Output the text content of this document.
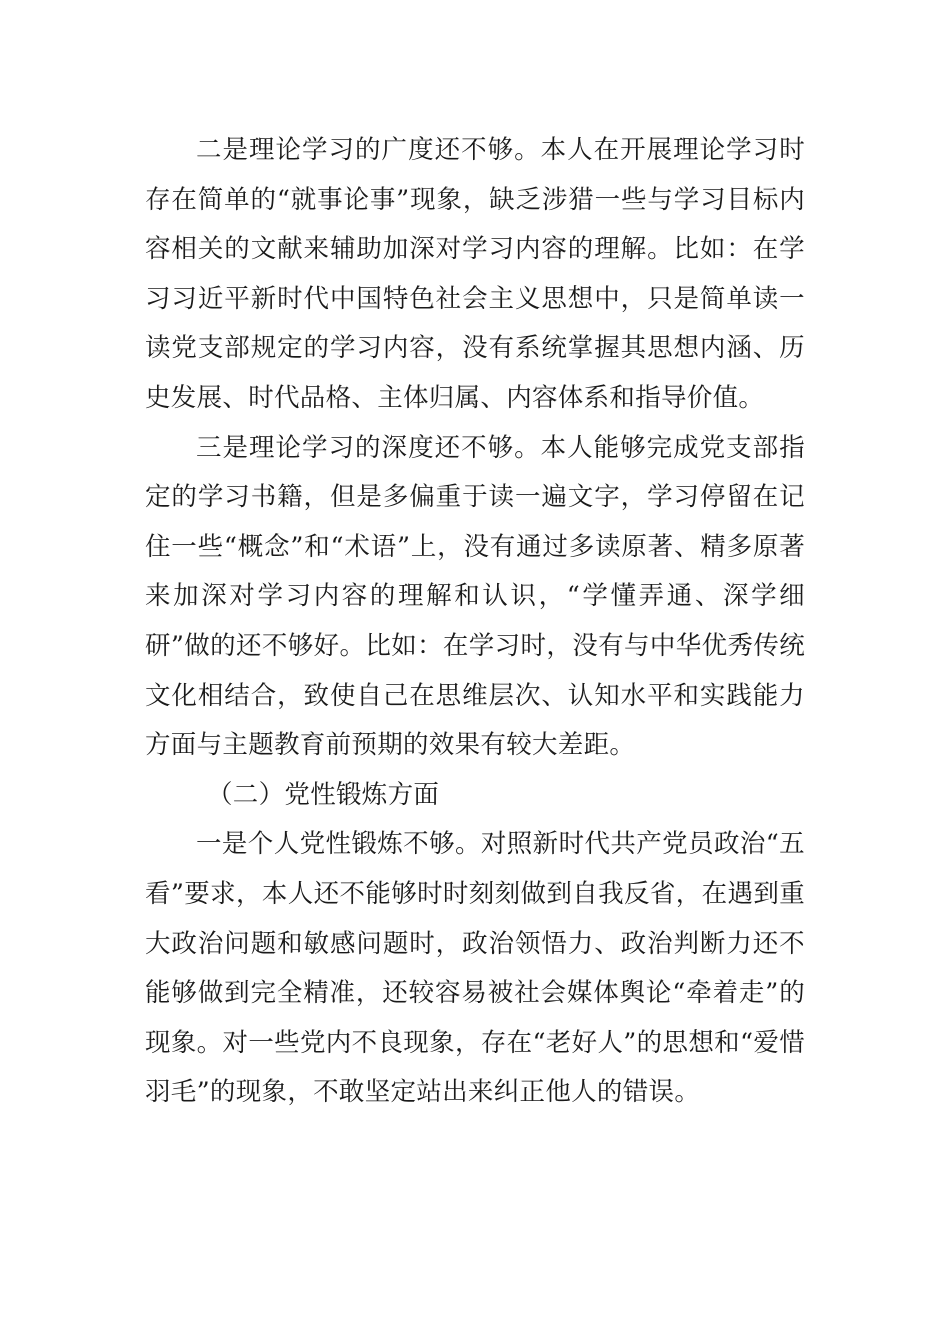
二是理论学习的广度还不够。本人在开展理论学习时存在简单的“就事论事”现象，缺乏涉猎一些与学习目标内容相关的文献来辅助加深对学习内容的理解。比如：在学习习近平新时代中国特色社会主义思想中，只是简单读一读党支部规定的学习内容，没有系统掌握其思想内涵、历史发展、时代品格、主体归属、内容体系和指导价值。

三是理论学习的深度还不够。本人能够完成党支部指定的学习书籍，但是多偏重于读一遍文字，学习停留在记住一些“概念”和“术语”上，没有通过多读原著、精多原著来加深对学习内容的理解和认识，“学懂弄通、深学细研”做的还不够好。比如：在学习时，没有与中华优秀传统文化相结合，致使自己在思维层次、认知水平和实践能力方面与主题教育前预期的效果有较大差距。

（二）党性锻炼方面

一是个人党性锻炼不够。对照新时代共产党员政治“五看”要求，本人还不能够时时刻刻做到自我反省，在遇到重大政治问题和敏感问题时，政治领悟力、政治判断力还不能够做到完全精准，还较容易被社会媒体舆论“牵着走”的现象。对一些党内不良现象，存在“老好人”的思想和“爱惜羽毛”的现象，不敢坚定站出来纠正他人的错误。
